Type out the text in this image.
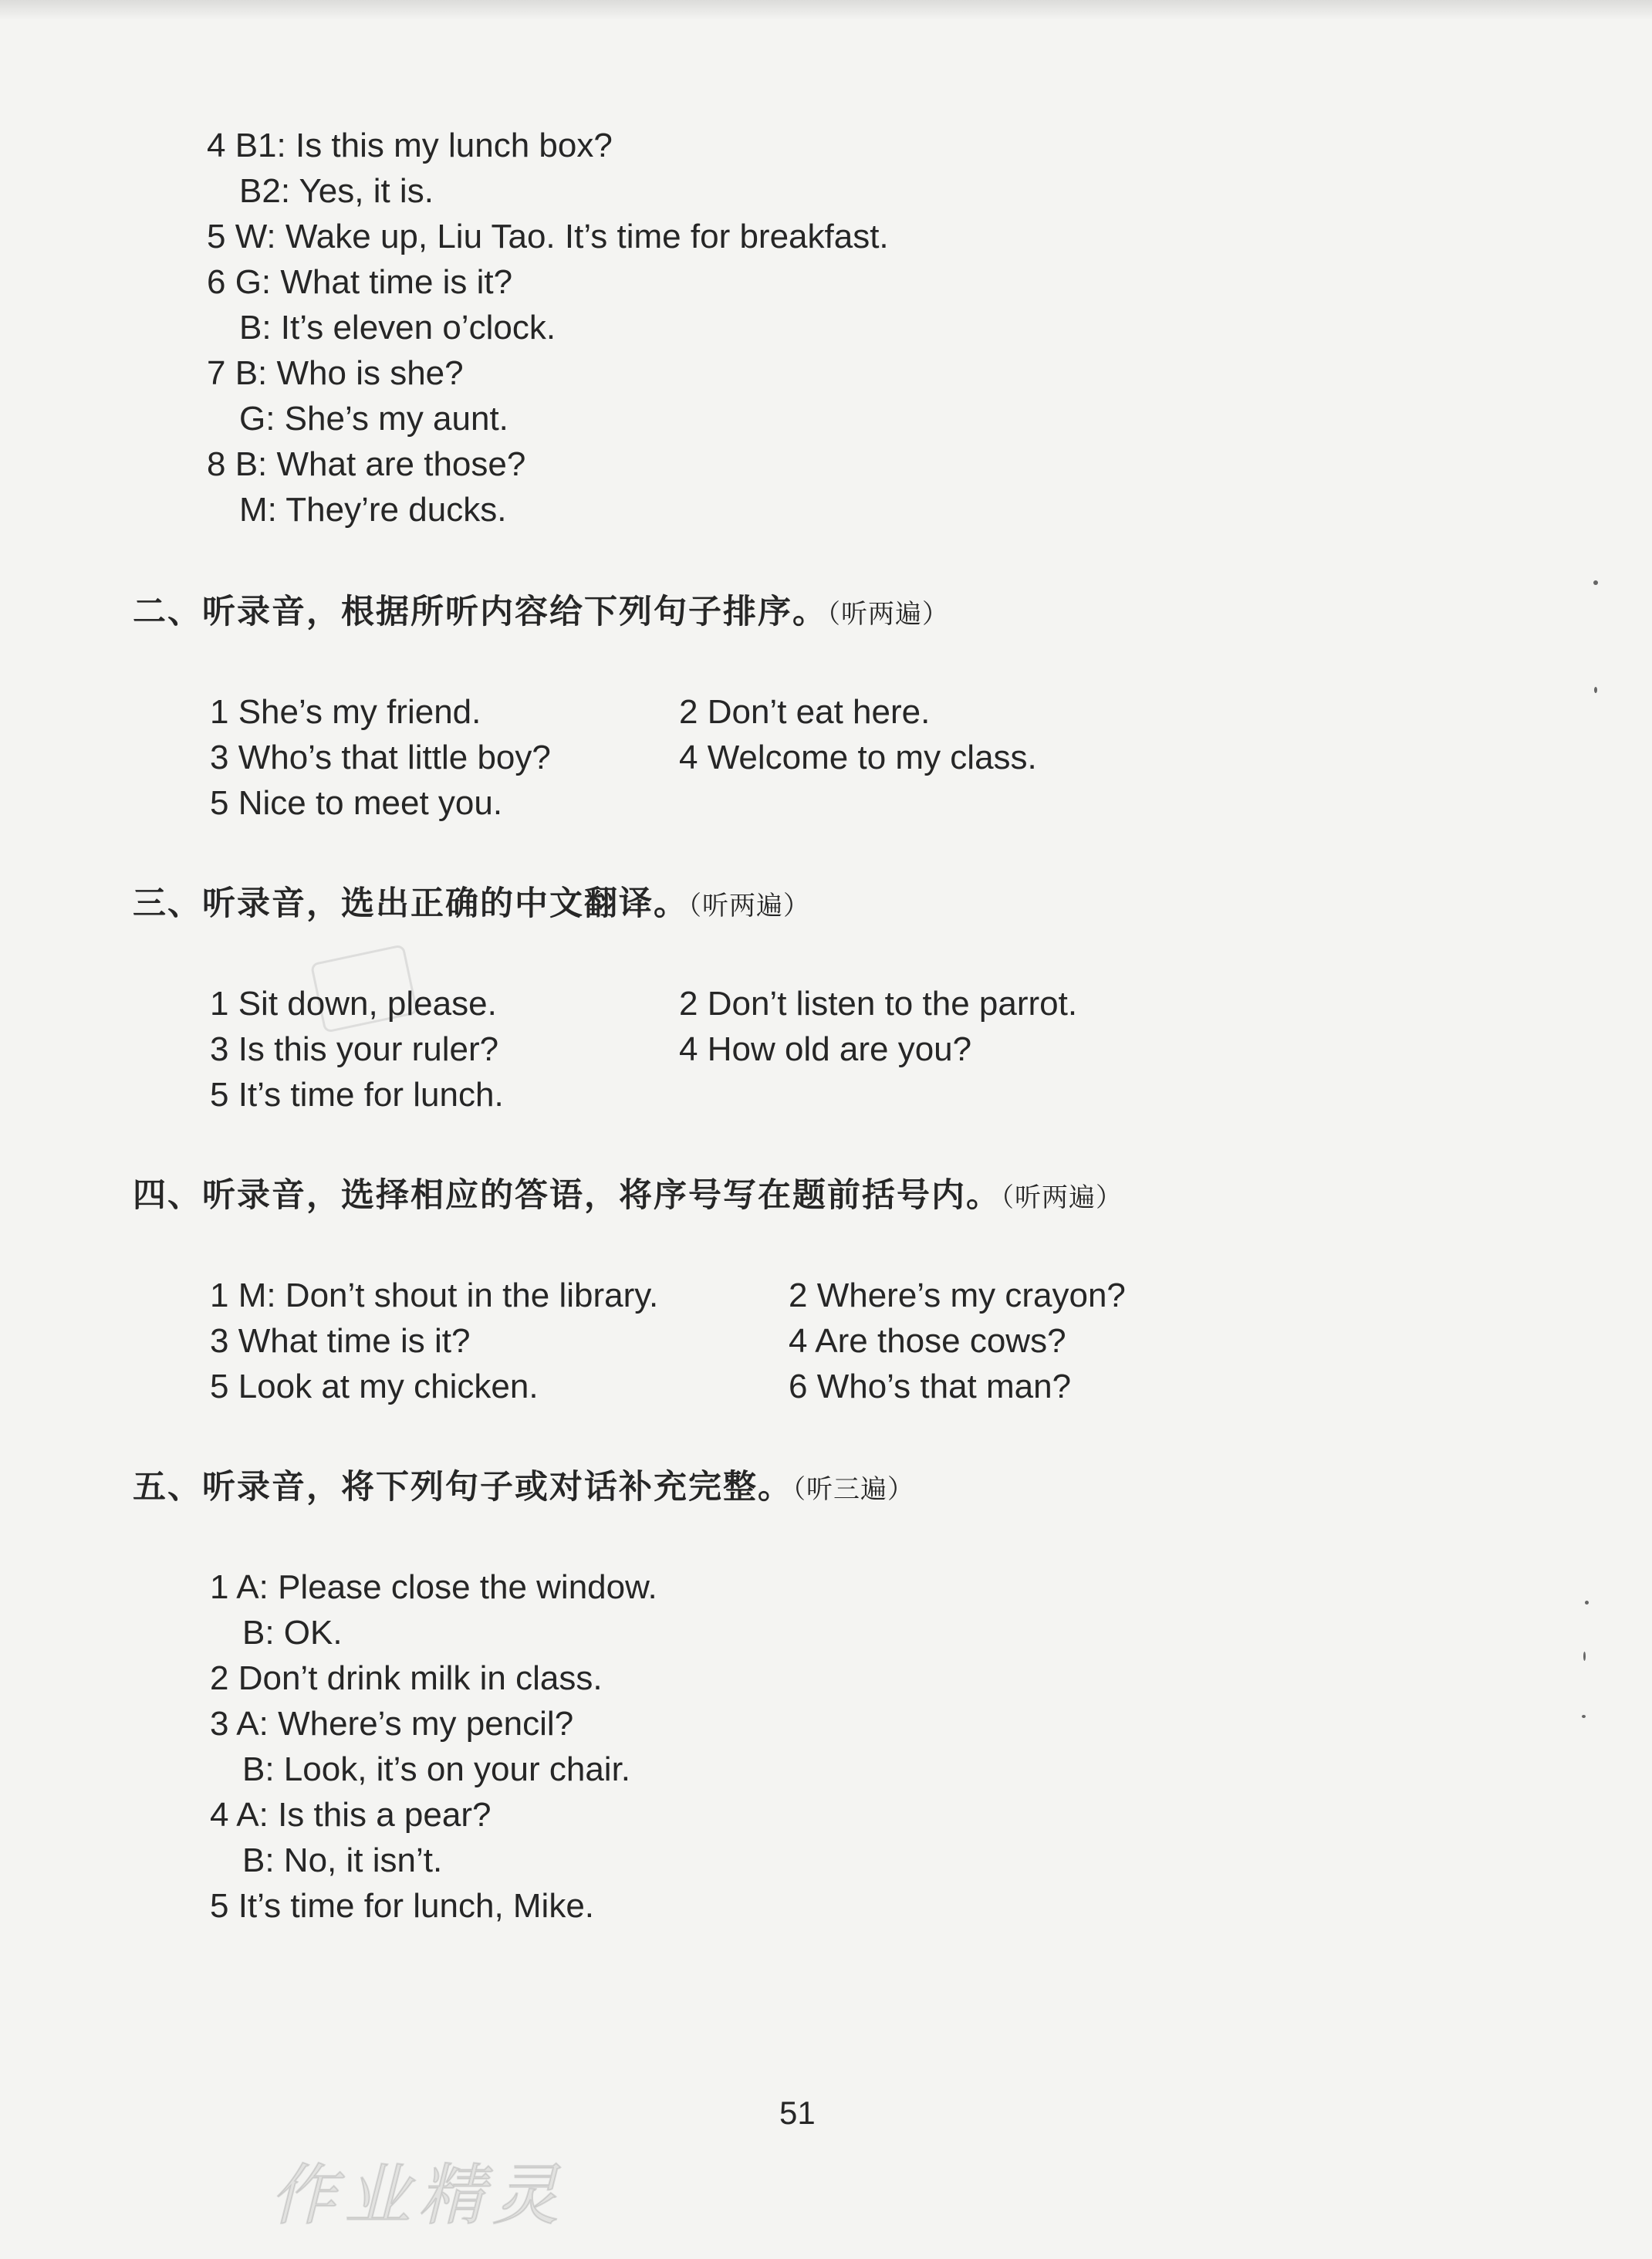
4 B1: Is this my lunch box?
B2: Yes, it is.
5 W: Wake up, Liu Tao. It’s time for breakfast.
6 G: What time is it?
B: It’s eleven o’clock.
7 B: Who is she?
G: She’s my aunt.
8 B: What are those?
M: They’re ducks.
二、听录音，根据所听内容给下列句子排序。（听两遍）
1 She’s my friend.	2 Don’t eat here.
3 Who’s that little boy?	4 Welcome to my class.
5 Nice to meet you.
三、听录音，选出正确的中文翻译。（听两遍）
1 Sit down, please.	2 Don’t listen to the parrot.
3 Is this your ruler?	4 How old are you?
5 It’s time for lunch.
四、听录音，选择相应的答语，将序号写在题前括号内。（听两遍）
1 M: Don’t shout in the library.	2 Where’s my crayon?
3 What time is it?	4 Are those cows?
5 Look at my chicken.	6 Who’s that man?
五、听录音，将下列句子或对话补充完整。（听三遍）
1 A: Please close the window.
B: OK.
2 Don’t drink milk in class.
3 A: Where’s my pencil?
B: Look, it’s on your chair.
4 A: Is this a pear?
B: No, it isn’t.
5 It’s time for lunch, Mike.
51
作业精灵
